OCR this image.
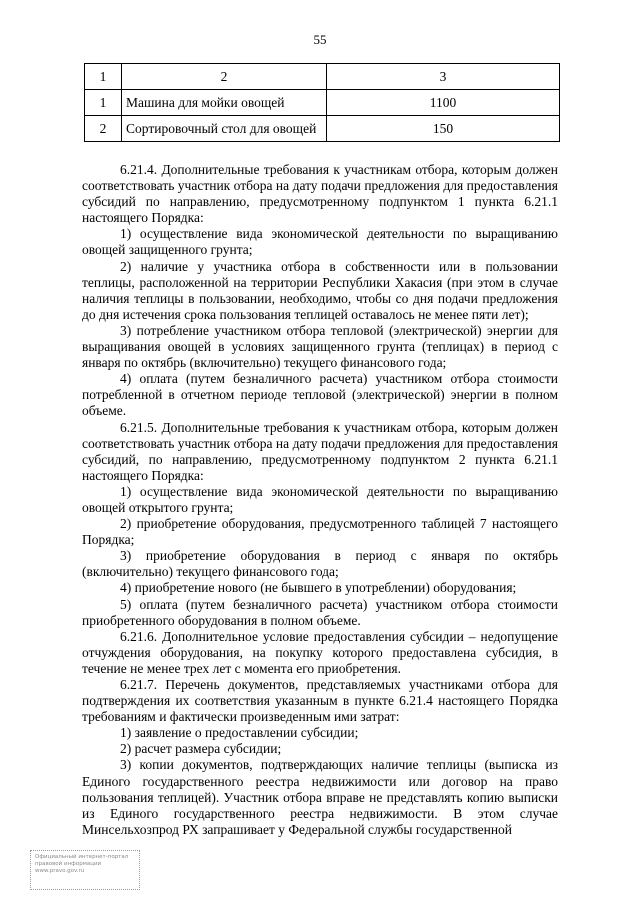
55
1	2	3
1	Машина для мойки овощей	1100
2	Сортировочный стол для овощей	150

6.21.4. Дополнительные требования к участникам отбора, которым должен соответствовать участник отбора на дату подачи предложения для предоставления субсидий по направлению, предусмотренному подпунктом 1 пункта 6.21.1 настоящего Порядка:

1) осуществление вида экономической деятельности по выращиванию овощей защищенного грунта;

2) наличие у участника отбора в собственности или в пользовании теплицы, расположенной на территории Республики Хакасия (при этом в случае наличия теплицы в пользовании, необходимо, чтобы со дня подачи предложения до дня истечения срока пользования теплицей оставалось не менее пяти лет);

3) потребление участником отбора тепловой (электрической) энергии для выращивания овощей в условиях защищенного грунта (теплицах) в период с января по октябрь (включительно) текущего финансового года;

4) оплата (путем безналичного расчета) участником отбора стоимости потребленной в отчетном периоде тепловой (электрической) энергии в полном объеме.

6.21.5. Дополнительные требования к участникам отбора, которым должен соответствовать участник отбора на дату подачи предложения для предоставления субсидий, по направлению, предусмотренному подпунктом 2 пункта 6.21.1 настоящего Порядка:

1) осуществление вида экономической деятельности по выращиванию овощей открытого грунта;

2) приобретение оборудования, предусмотренного таблицей 7 настоящего Порядка;

3) приобретение оборудования в период с января по октябрь (включительно) текущего финансового года;

4) приобретение нового (не бывшего в употреблении) оборудования;

5) оплата (путем безналичного расчета) участником отбора стоимости приобретенного оборудования в полном объеме.

6.21.6. Дополнительное условие предоставления субсидии – недопущение отчуждения оборудования, на покупку которого предоставлена субсидия, в течение не менее трех лет с момента его приобретения.

6.21.7. Перечень документов, представляемых участниками отбора для подтверждения их соответствия указанным в пункте 6.21.4 настоящего Порядка требованиям и фактически произведенным ими затрат:

1) заявление о предоставлении субсидии;

2) расчет размера субсидии;

3) копии документов, подтверждающих наличие теплицы (выписка из Единого государственного реестра недвижимости или договор на право пользования теплицей). Участник отбора вправе не представлять копию выписки из Единого государственного реестра недвижимости. В этом случае Минсельхозпрод РХ запрашивает у Федеральной службы государственной

Официальный интернет-портал
правовой информации
www.pravo.gov.ru
